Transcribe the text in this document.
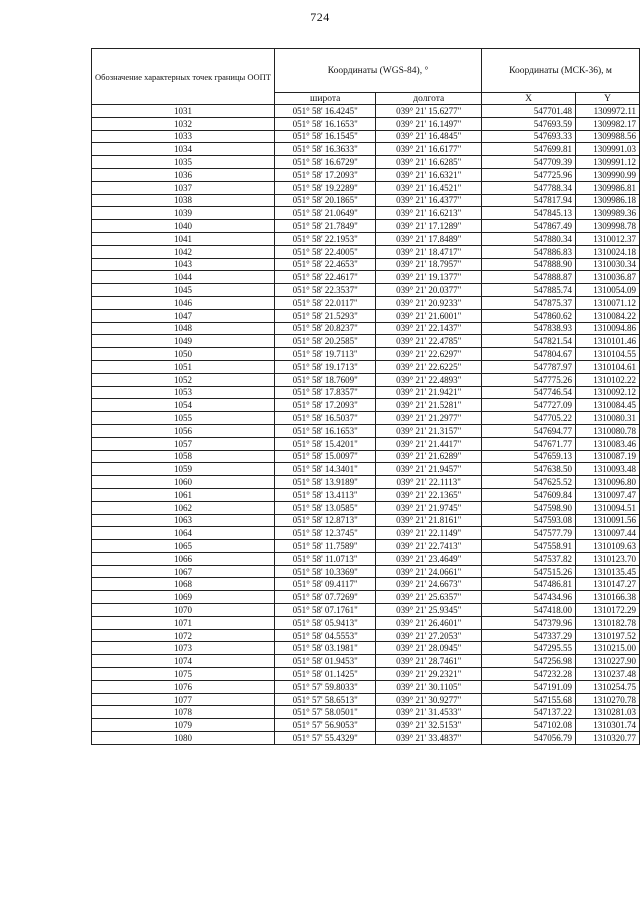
724
Обозначение характерных точек границы ООПТ	Координаты (WGS-84), °		Координаты (МСК-36), м	
	широта	долгота	X	Y
1031	051° 58' 16.4245"	039° 21' 15.6277"	547701.48	1309972.11
1032	051° 58' 16.1653"	039° 21' 16.1497"	547693.59	1309982.17
1033	051° 58' 16.1545"	039° 21' 16.4845"	547693.33	1309988.56
1034	051° 58' 16.3633"	039° 21' 16.6177"	547699.81	1309991.03
1035	051° 58' 16.6729"	039° 21' 16.6285"	547709.39	1309991.12
1036	051° 58' 17.2093"	039° 21' 16.6321"	547725.96	1309990.99
1037	051° 58' 19.2289"	039° 21' 16.4521"	547788.34	1309986.81
1038	051° 58' 20.1865"	039° 21' 16.4377"	547817.94	1309986.18
1039	051° 58' 21.0649"	039° 21' 16.6213"	547845.13	1309989.36
1040	051° 58' 21.7849"	039° 21' 17.1289"	547867.49	1309998.78
1041	051° 58' 22.1953"	039° 21' 17.8489"	547880.34	1310012.37
1042	051° 58' 22.4005"	039° 21' 18.4717"	547886.83	1310024.18
1043	051° 58' 22.4653"	039° 21' 18.7957"	547888.90	1310030.34
1044	051° 58' 22.4617"	039° 21' 19.1377"	547888.87	1310036.87
1045	051° 58' 22.3537"	039° 21' 20.0377"	547885.74	1310054.09
1046	051° 58' 22.0117"	039° 21' 20.9233"	547875.37	1310071.12
1047	051° 58' 21.5293"	039° 21' 21.6001"	547860.62	1310084.22
1048	051° 58' 20.8237"	039° 21' 22.1437"	547838.93	1310094.86
1049	051° 58' 20.2585"	039° 21' 22.4785"	547821.54	1310101.46
1050	051° 58' 19.7113"	039° 21' 22.6297"	547804.67	1310104.55
1051	051° 58' 19.1713"	039° 21' 22.6225"	547787.97	1310104.61
1052	051° 58' 18.7609"	039° 21' 22.4893"	547775.26	1310102.22
1053	051° 58' 17.8357"	039° 21' 21.9421"	547746.54	1310092.12
1054	051° 58' 17.2093"	039° 21' 21.5281"	547727.09	1310084.45
1055	051° 58' 16.5037"	039° 21' 21.2977"	547705.22	1310080.31
1056	051° 58' 16.1653"	039° 21' 21.3157"	547694.77	1310080.78
1057	051° 58' 15.4201"	039° 21' 21.4417"	547671.77	1310083.46
1058	051° 58' 15.0097"	039° 21' 21.6289"	547659.13	1310087.19
1059	051° 58' 14.3401"	039° 21' 21.9457"	547638.50	1310093.48
1060	051° 58' 13.9189"	039° 21' 22.1113"	547625.52	1310096.80
1061	051° 58' 13.4113"	039° 21' 22.1365"	547609.84	1310097.47
1062	051° 58' 13.0585"	039° 21' 21.9745"	547598.90	1310094.51
1063	051° 58' 12.8713"	039° 21' 21.8161"	547593.08	1310091.56
1064	051° 58' 12.3745"	039° 21' 22.1149"	547577.79	1310097.44
1065	051° 58' 11.7589"	039° 21' 22.7413"	547558.91	1310109.63
1066	051° 58' 11.0713"	039° 21' 23.4649"	547537.82	1310123.70
1067	051° 58' 10.3369"	039° 21' 24.0661"	547515.26	1310135.45
1068	051° 58' 09.4117"	039° 21' 24.6673"	547486.81	1310147.27
1069	051° 58' 07.7269"	039° 21' 25.6357"	547434.96	1310166.38
1070	051° 58' 07.1761"	039° 21' 25.9345"	547418.00	1310172.29
1071	051° 58' 05.9413"	039° 21' 26.4601"	547379.96	1310182.78
1072	051° 58' 04.5553"	039° 21' 27.2053"	547337.29	1310197.52
1073	051° 58' 03.1981"	039° 21' 28.0945"	547295.55	1310215.00
1074	051° 58' 01.9453"	039° 21' 28.7461"	547256.98	1310227.90
1075	051° 58' 01.1425"	039° 21' 29.2321"	547232.28	1310237.48
1076	051° 57' 59.8033"	039° 21' 30.1105"	547191.09	1310254.75
1077	051° 57' 58.6513"	039° 21' 30.9277"	547155.68	1310270.78
1078	051° 57' 58.0501"	039° 21' 31.4533"	547137.22	1310281.03
1079	051° 57' 56.9053"	039° 21' 32.5153"	547102.08	1310301.74
1080	051° 57' 55.4329"	039° 21' 33.4837"	547056.79	1310320.77
